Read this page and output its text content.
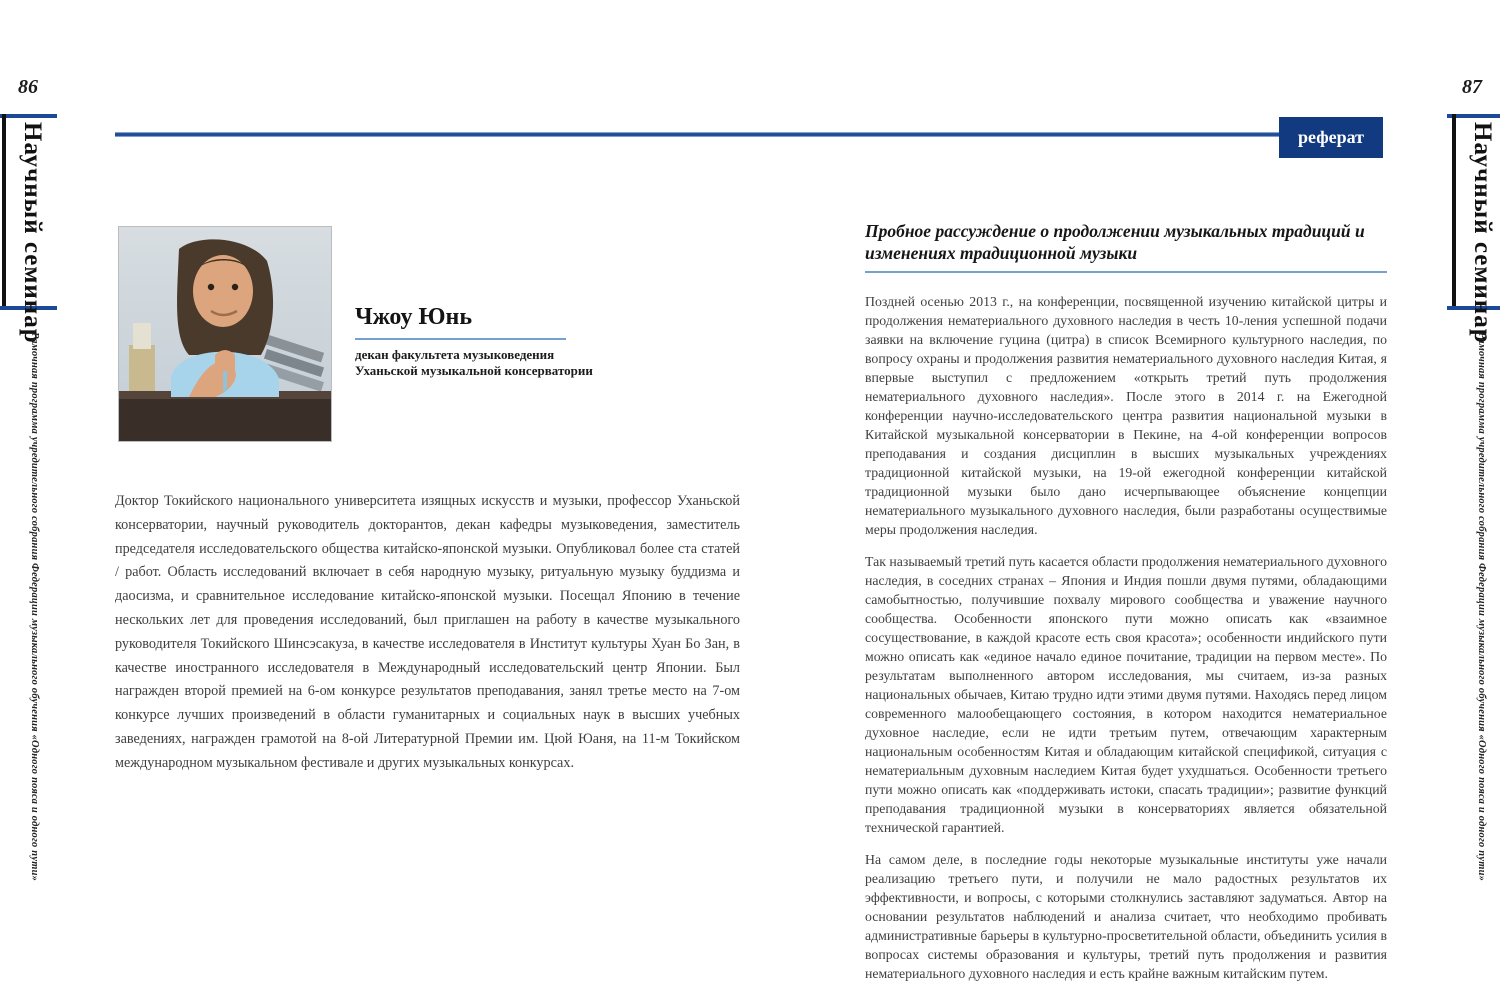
86
Научный семинар
Рамочная программа учредительного собрания Федерации музыкального обучения «Одного пояса и одного пути»
Чжоу Юнь
декан факультета музыковедения
Уханьской музыкальной консерватории
Доктор Токийского национального университета изящных искусств и музыки, профессор Уханьской консерватории, научный руководитель докторантов, декан кафедры музыковедения, заместитель председателя исследовательского общества китайско-японской музыки. Опубликовал более ста статей / работ. Область исследований включает в себя народную музыку, ритуальную музыку буддизма и даосизма, и сравнительное исследование китайско-японской музыки. Посещал Японию в течение нескольких лет для проведения исследований, был приглашен на работу в качестве музыкального руководителя Токийского Шинсэсакуза, в качестве исследователя в Институт культуры Хуан Бо Зан, в качестве иностранного исследователя в Международный исследовательский центр Японии. Был награжден второй премией на 6-ом конкурсе результатов преподавания, занял третье место на 7-ом конкурсе лучших произведений в области гуманитарных и социальных наук в высших учебных заведениях, награжден грамотой на 8-ой Литературной Премии им. Цюй Юаня, на 11-м Токийском международном музыкальном фестивале и других музыкальных конкурсах.
реферат
Пробное рассуждение о продолжении музыкальных традиций и изменениях традиционной музыки

Поздней осенью 2013 г., на конференции, посвященной изучению китайской цитры и продолжения нематериального духовного наследия в честь 10-ления успешной подачи заявки на включение гуцина (цитра) в список Всемирного культурного наследия, по вопросу охраны и продолжения развития нематериального духовного наследия Китая, я впервые выступил с предложением «открыть третий путь продолжения нематериального духовного наследия». После этого в 2014 г. на Ежегодной конференции научно-исследовательского центра развития национальной музыки в Китайской музыкальной консерватории в Пекине, на 4-ой конференции вопросов преподавания и создания дисциплин в высших музыкальных учреждениях традиционной китайской музыки, на 19-ой ежегодной конференции китайской традиционной музыки было дано исчерпывающее объяснение концепции нематериального музыкального духовного наследия, были разработаны осуществимые меры продолжения наследия.

Так называемый третий путь касается области продолжения нематериального духовного наследия, в соседних странах – Япония и Индия пошли двумя путями, обладающими самобытностью, получившие похвалу мирового сообщества и уважение научного сообщества. Особенности японского пути можно описать как «взаимное сосуществование, в каждой красоте есть своя красота»; особенности индийского пути можно описать как «единое начало единое почитание, традиции на первом месте». По результатам выполненного автором исследования, мы считаем, из-за разных национальных обычаев, Китаю трудно идти этими двумя путями. Находясь перед лицом современного малообещающего состояния, в котором находится нематериальное духовное наследие, если не идти третьим путем, отвечающим характерным национальным особенностям Китая и обладающим китайской спецификой, ситуация с нематериальным духовным наследием Китая будет ухудшаться. Особенности третьего пути можно описать как «поддерживать истоки, спасать традиции»; развитие функций преподавания традиционной музыки в консерваториях является обязательной технической гарантией.

На самом деле, в последние годы некоторые музыкальные институты уже начали реализацию третьего пути, и получили не мало радостных результатов их эффективности, и вопросы, с которыми столкнулись заставляют задуматься. Автор на основании результатов наблюдений и анализа считает, что необходимо пробивать административные барьеры в культурно-просветительной области, объединить усилия в вопросах системы образования и культуры, третий путь продолжения и развития нематериального духовного наследия и есть крайне важным китайским путем.

87
Научный семинар
Рамочная программа учредительного собрания Федерации музыкального обучения «Одного пояса и одного пути»
